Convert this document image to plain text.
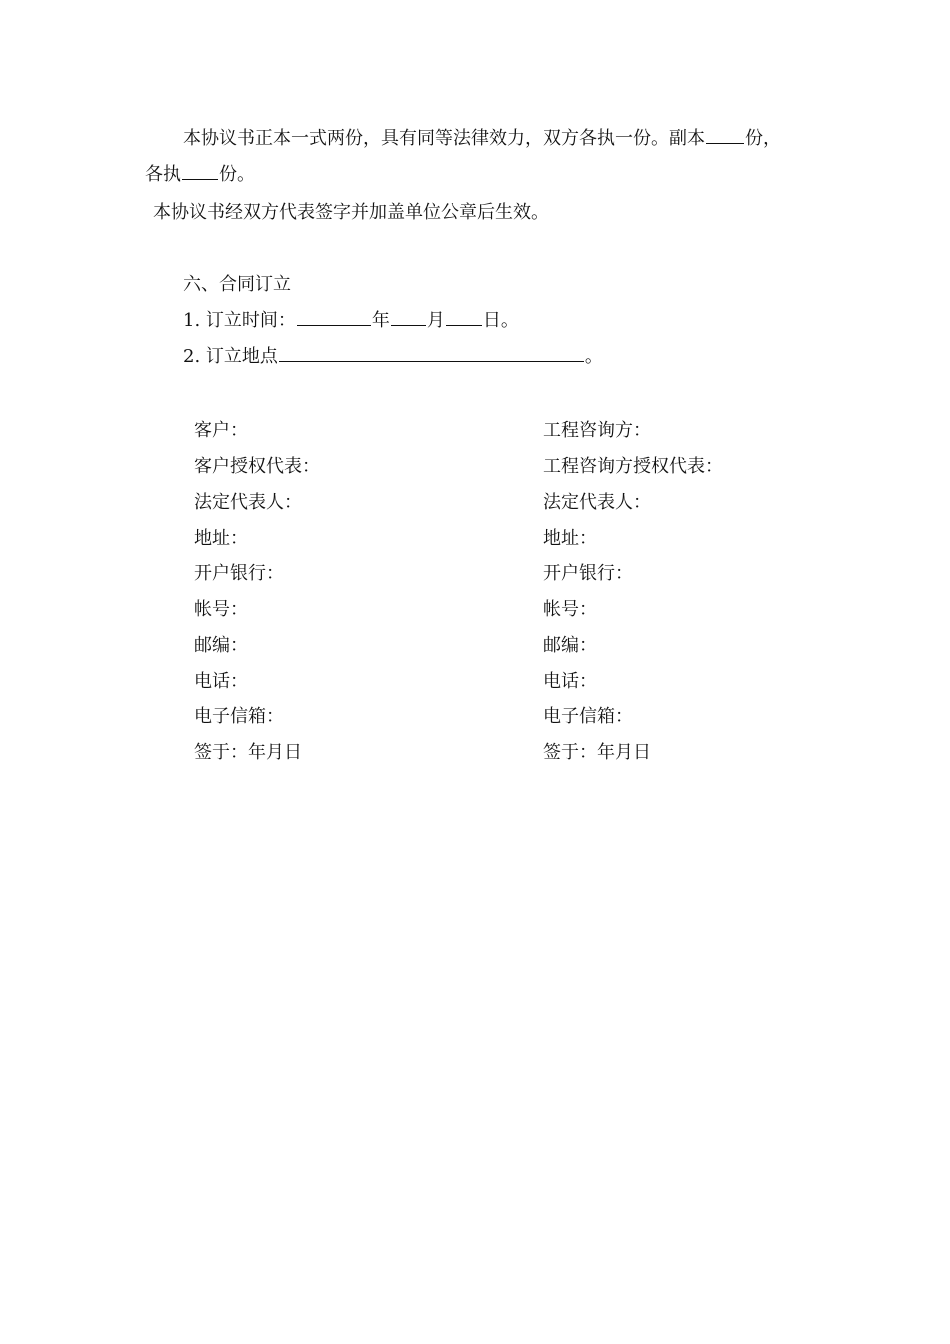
本协议书正本一式两份，具有同等法律效力，双方各执一份。副本 份，
各执 份。
本协议书经双方代表签字并加盖单位公章后生效。
六、合同订立
1. 订立时间：	年 月 日。
2. 订立地点	。
客户：
客户授权代表：
法定代表人：
地址：
开户银行：
帐号：
邮编：
电话：
电子信箱：
签于：年月日
工程咨询方：
工程咨询方授权代表：
法定代表人：
地址：
开户银行：
帐号：
邮编：
电话：
电子信箱：
签于：年月日
